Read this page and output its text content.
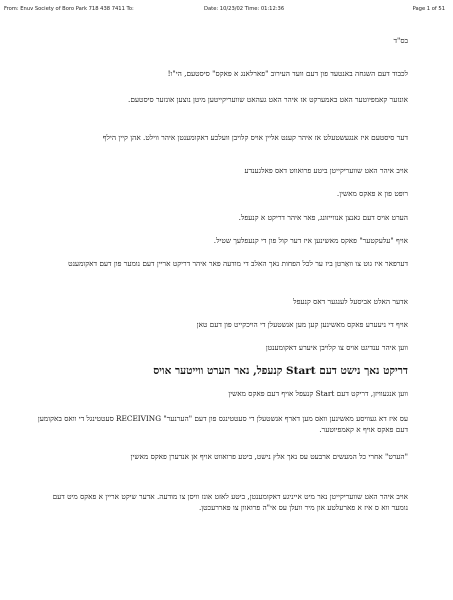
From: Enuv Society of Boro Park 718 438 7411 To:	Date: 10/23/02 Time: 01:12:36	Page 1 of 51
בס"ד

לכבוד דעם השגחה באנטעד פון דעם וועד העירוב "פארלאנג א פאקס" סיסטעם, הי"ו!

אונזער קאמפיוטער האט באמערקט אז איהר האט געהאט שוועריקייטען מיטן נוצען אונזער סיסטעם.

דער סיסטעם איז אנגעשטעלט אז איהר קענט אליין אויס קלויבן וועלכע דאקומענטן איהר ווילט. אהן קיין הילף

אויב איהר האט שוועריקייטן ביטע פרואווט דאס פאלגענדע

רופט פון א פאקס מאשין.

הערט אויס דעם גאנצן אנווייזונג, פאר איהר דריקט א קנעפל.

אויף "עלעקטער" פאקס מאשינען איז דער קול פון די קנעפלעך שטיל.

דערפאר איז גוט צו וואַרטן ביז ער לכל הפחות נאך האלב די מודעה פאר איהר דריקט אריין דעם נומער פון דעם דאקומענט

אדער האלט אביסעל לענגער דאס קנעפל

אויף די ניעערע פאקס מאשינען קען מען אנשטעלן די הויכקייט פון דעם טאן

ווען איהר ענדיגט אויס צו קלויבן איערע דאקומענטן

דריקט נאך נישט דעם Start קנעפל, נאר הערט ווייטער אויס

ווען אנגעוויזן, דריקט דעם Start קנעפל אויף דעם פאקס מאשין

עס איז דא געוויסע מאשינען וואס מען דארף אנשטעלן די סעטטינגס פון דעם "הערנער" RECEIVING סעטטינגל די וואס באקומען דעם פאקס אויף א קאמפיוטער.

"הערט" אחרי כל המעשים ארבעט עס נאך אלץ נישט, ביטע פרואווט אויף אן אנדערן פאקס מאשין

אויב איהר האט שוועריקייטן נאר מיט אייניגע דאקומענטן, ביטע לאזט אונז וויסן צו מודעה. אדער שיקט אריין א פאקס מיט דעם נומער ווא ס איז א פארעלטע און מיר וועלן עס אי"ה פרואוון צו פאררעכטן.
